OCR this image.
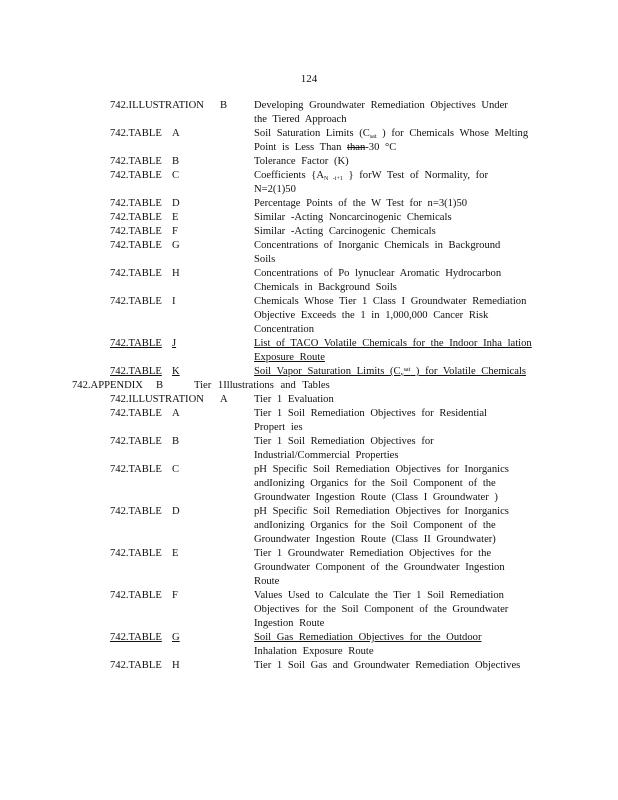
124
742.ILLUSTRATION B	Developing Groundwater Remediation Objectives Under
the Tiered Approach
742.TABLE A	Soil Saturation Limits ($C_{sat}$ ) for Chemicals Whose Melting
Point is Less Than than-30 °C
742.TABLE B	Tolerance Factor (K)
742.TABLE C	Coefficients {$A_{N -i+1}$ } forW Test of Normality, for
N=2(1)50
742.TABLE D	Percentage Points of the W Test for n=3(1)50
742.TABLE E	Similar -Acting Noncarcinogenic Chemicals
742.TABLE F	Similar -Acting Carcinogenic Chemicals
742.TABLE G	Concentrations of Inorganic Chemicals in Background
Soils
742.TABLE H	Concentrations of Po lynuclear Aromatic Hydrocarbon
Chemicals in Background Soils
742.TABLE I	Chemicals Whose Tier 1 Class I Groundwater Remediation
Objective Exceeds the 1 in 1,000,000 Cancer Risk
Concentration
742.TABLE J	List of TACO Volatile Chemicals for the Indoor Inha lation
Exposure Route
742.TABLE K	Soil Vapor Saturation Limits ($C_v^{sat}$ ) for Volatile Chemicals
742.APPENDIX B	Tier 1Illustrations and Tables
742.ILLUSTRATION A	Tier 1 Evaluation
742.TABLE A	Tier 1 Soil Remediation Objectives for Residential
Propert ies
742.TABLE B	Tier 1 Soil Remediation Objectives for
Industrial/Commercial Properties
742.TABLE C	pH Specific Soil Remediation Objectives for Inorganics
andIonizing Organics for the Soil Component of the
Groundwater Ingestion Route (Class I Groundwater )
742.TABLE D	pH Specific Soil Remediation Objectives for Inorganics
andIonizing Organics for the Soil Component of the
Groundwater Ingestion Route (Class II Groundwater)
742.TABLE E	Tier 1 Groundwater Remediation Objectives for the
Groundwater Component of the Groundwater Ingestion
Route
742.TABLE F	Values Used to Calculate the Tier 1 Soil Remediation
Objectives for the Soil Component of the Groundwater
Ingestion Route
742.TABLE G	Soil Gas Remediation Objectives for the Outdoor
Inhalation Exposure Route
742.TABLE H	Tier 1 Soil Gas and Groundwater Remediation Objectives
